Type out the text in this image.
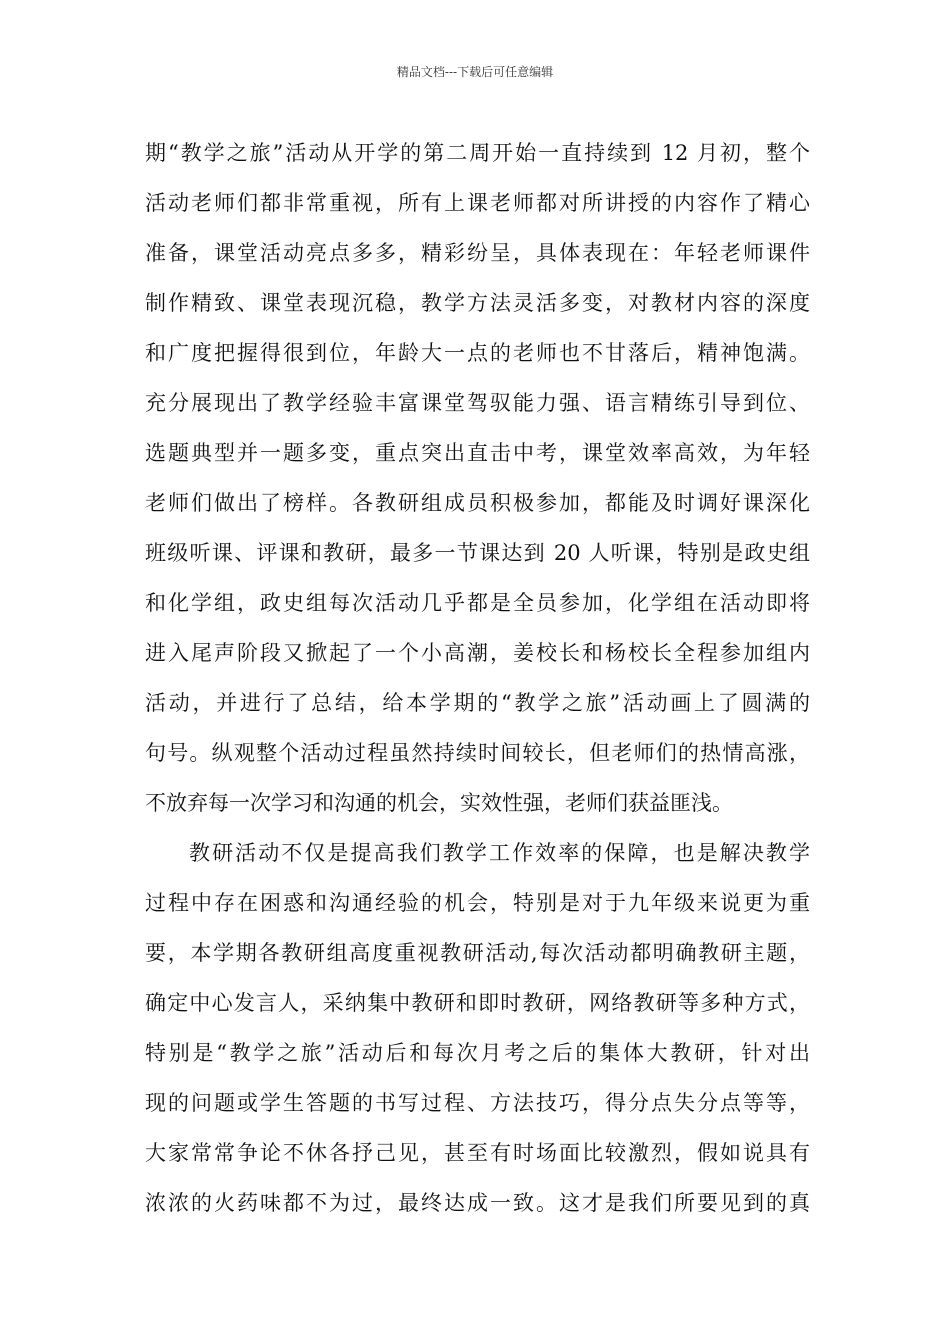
精品文档---下载后可任意编辑
期“教学之旅”活动从开学的第二周开始一直持续到 12 月初，整个
活动老师们都非常重视，所有上课老师都对所讲授的内容作了精心
准备，课堂活动亮点多多，精彩纷呈，具体表现在：年轻老师课件
制作精致、课堂表现沉稳，教学方法灵活多变，对教材内容的深度
和广度把握得很到位，年龄大一点的老师也不甘落后，精神饱满。
充分展现出了教学经验丰富课堂驾驭能力强、语言精练引导到位、
选题典型并一题多变，重点突出直击中考，课堂效率高效，为年轻
老师们做出了榜样。各教研组成员积极参加，都能及时调好课深化
班级听课、评课和教研，最多一节课达到 20 人听课，特别是政史组
和化学组，政史组每次活动几乎都是全员参加，化学组在活动即将
进入尾声阶段又掀起了一个小高潮，姜校长和杨校长全程参加组内
活动，并进行了总结，给本学期的“教学之旅”活动画上了圆满的
句号。纵观整个活动过程虽然持续时间较长，但老师们的热情高涨，
不放弃每一次学习和沟通的机会，实效性强，老师们获益匪浅。
教研活动不仅是提高我们教学工作效率的保障，也是解决教学
过程中存在困惑和沟通经验的机会，特别是对于九年级来说更为重
要，本学期各教研组高度重视教研活动,每次活动都明确教研主题，
确定中心发言人，采纳集中教研和即时教研，网络教研等多种方式，
特别是“教学之旅”活动后和每次月考之后的集体大教研，针对出
现的问题或学生答题的书写过程、方法技巧，得分点失分点等等，
大家常常争论不休各抒己见，甚至有时场面比较激烈，假如说具有
浓浓的火药味都不为过，最终达成一致。这才是我们所要见到的真
